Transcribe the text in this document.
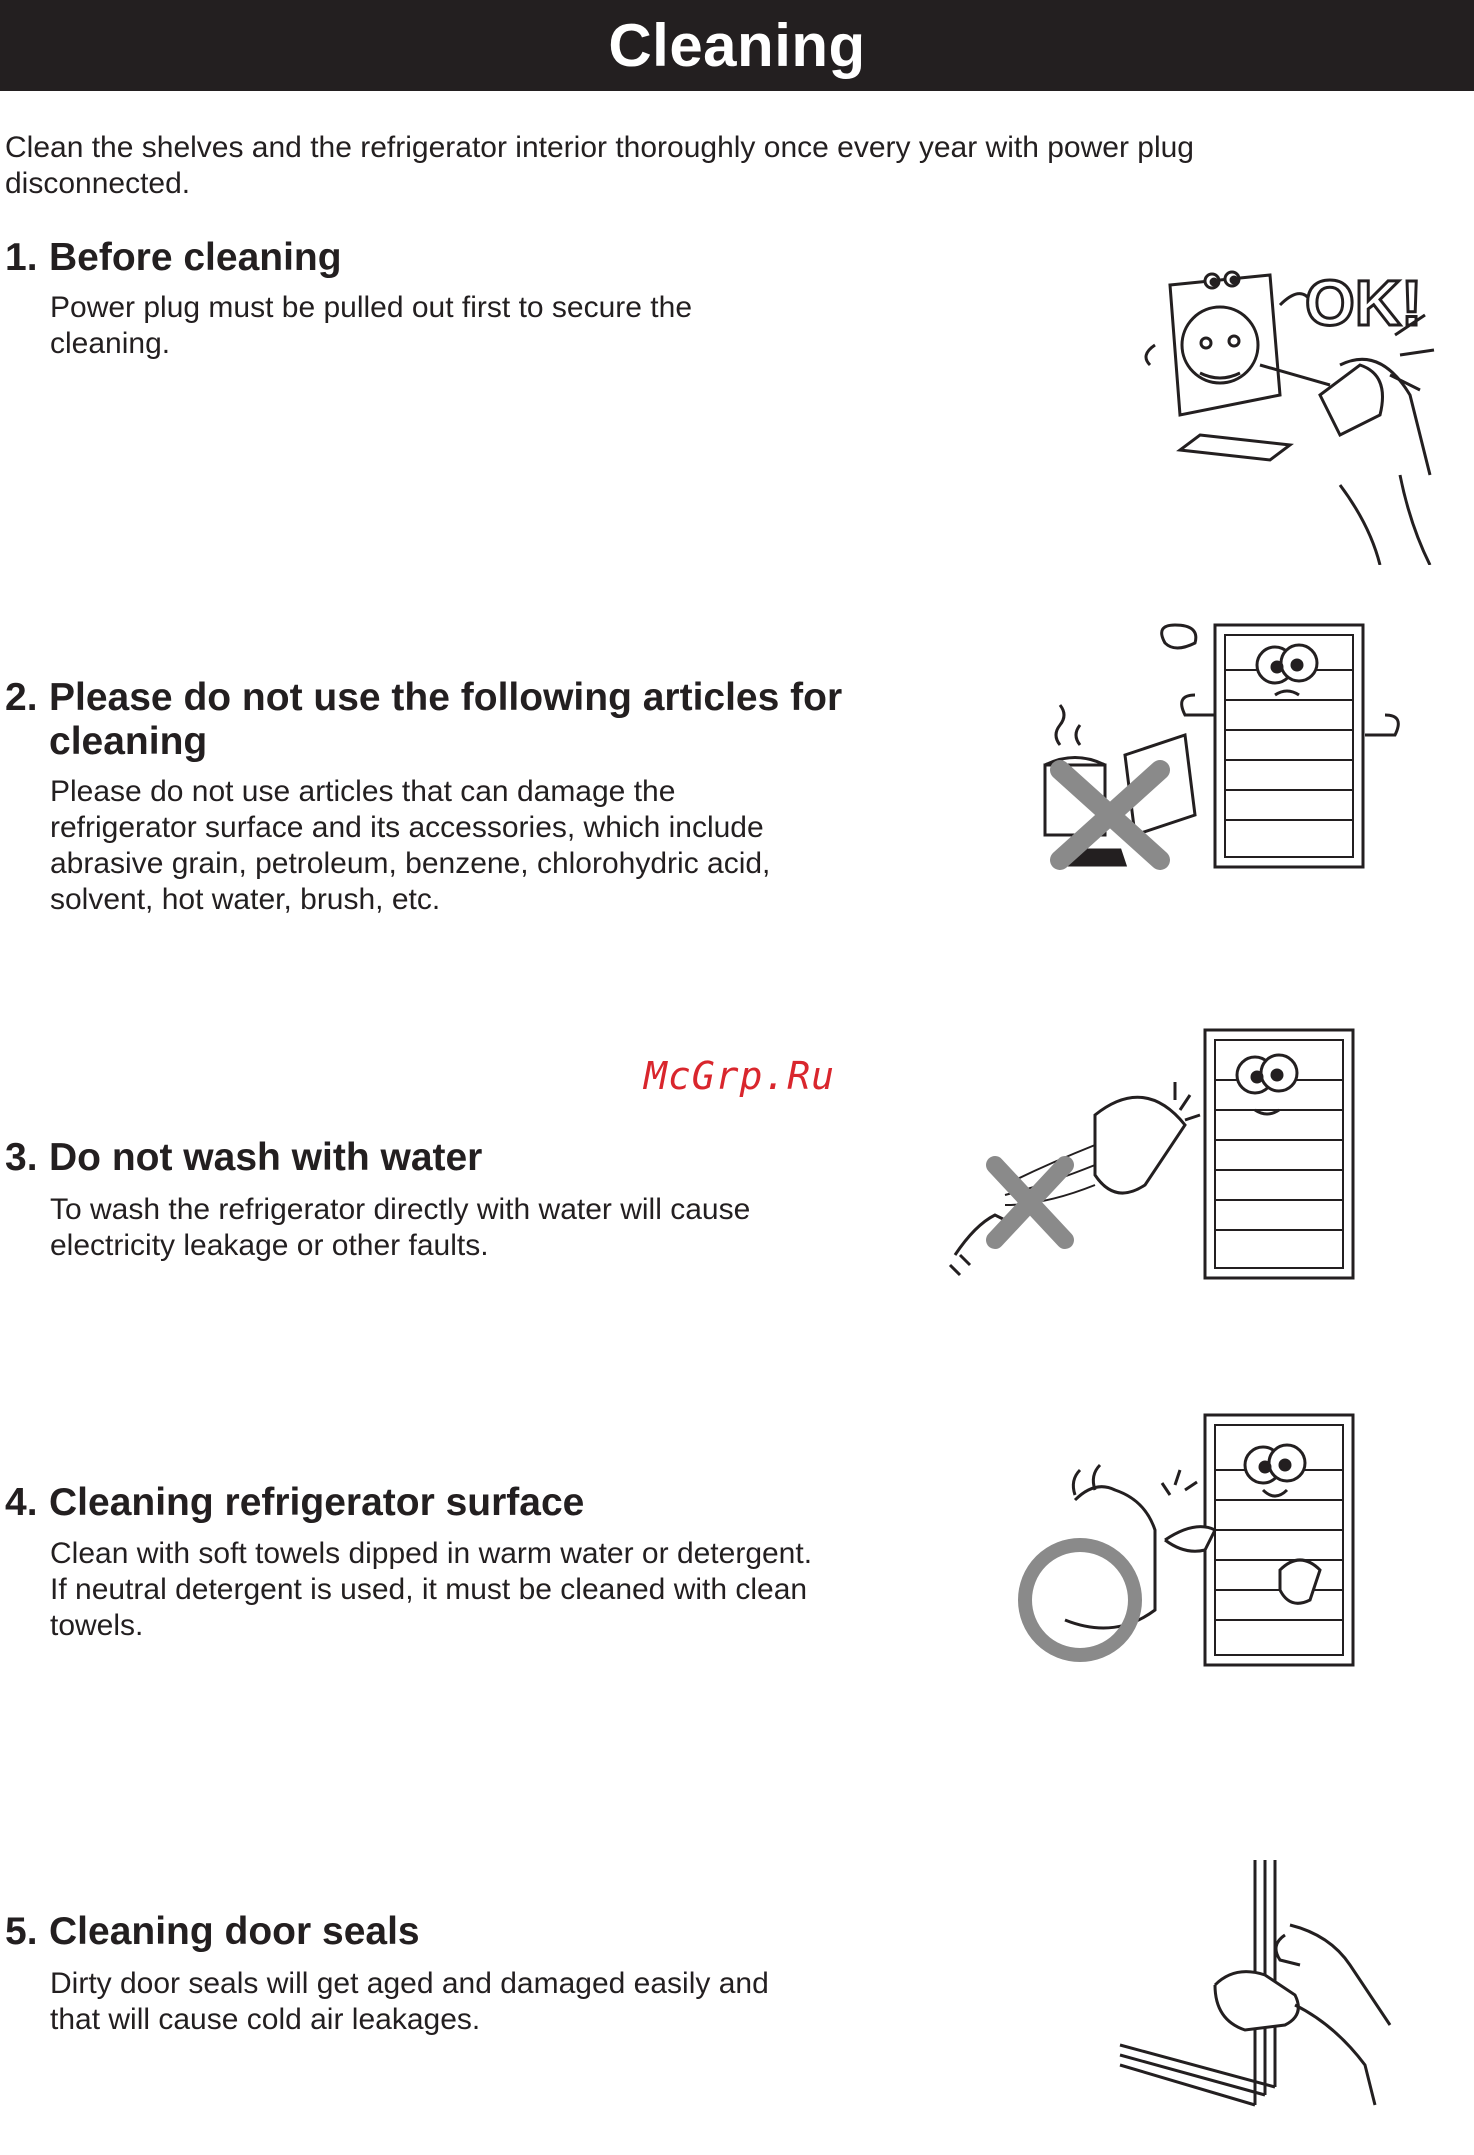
Cleaning

Clean the shelves and the refrigerator interior thoroughly once every year with power plug
disconnected.

1. Before cleaning

Power plug must be pulled out first to secure the
cleaning.

2. Please do not use the following articles for
cleaning

Please do not use articles that can damage the
refrigerator surface and its accessories, which include
abrasive grain, petroleum, benzene, chlorohydric acid,
solvent, hot water, brush, etc.

McGrp.Ru
3. Do not wash with water

To wash the refrigerator directly with water will cause
electricity leakage or other faults.

4. Cleaning refrigerator surface

Clean with soft towels dipped in warm water or detergent.
If neutral detergent is used, it must be cleaned with clean
towels.

5. Cleaning door seals

Dirty door seals will get aged and damaged easily and
that will cause cold air leakages.

OK!
